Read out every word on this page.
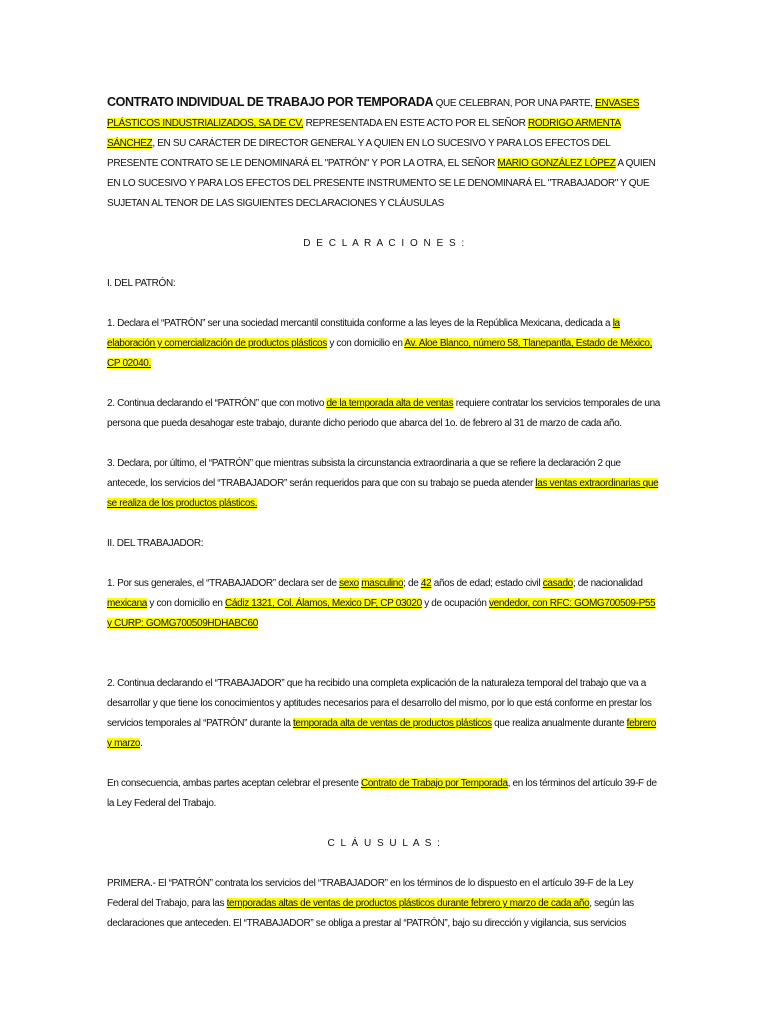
CONTRATO INDIVIDUAL DE TRABAJO POR TEMPORADA QUE CELEBRAN, POR UNA PARTE, ENVASES PLÁSTICOS INDUSTRIALIZADOS, SA DE CV, REPRESENTADA EN ESTE ACTO POR EL SEÑOR RODRIGO ARMENTA SÁNCHEZ, EN SU CARÁCTER DE DIRECTOR GENERAL Y A QUIEN EN LO SUCESIVO Y PARA LOS EFECTOS DEL PRESENTE CONTRATO SE LE DENOMINARÁ EL "PATRÓN" Y POR LA OTRA, EL SEÑOR MARIO GONZÁLEZ LÓPEZ A QUIEN EN LO SUCESIVO Y PARA LOS EFECTOS DEL PRESENTE INSTRUMENTO SE LE DENOMINARÁ EL "TRABAJADOR" Y QUE SUJETAN AL TENOR DE LAS SIGUIENTES DECLARACIONES Y CLÁUSULAS

D E C L A R A C I O N E S :

I. DEL PATRÓN:

1. Declara el “PATRÓN” ser una sociedad mercantil constituida conforme a las leyes de la República Mexicana, dedicada a la elaboración y comercialización de productos plásticos y con domicilio en Av. Aloe Blanco, número 58, Tlanepantla, Estado de México, CP 02040.

2. Continua declarando el “PATRÓN” que con motivo de la temporada alta de ventas requiere contratar los servicios temporales de una persona que pueda desahogar este trabajo, durante dicho periodo que abarca del 1o. de febrero al 31 de marzo de cada año.

3. Declara, por último, el “PATRÓN” que mientras subsista la circunstancia extraordinaria a que se refiere la declaración 2 que antecede, los servicios del “TRABAJADOR” serán requeridos para que con su trabajo se pueda atender las ventas extraordinarias que se realiza de los productos plásticos.

II. DEL TRABAJADOR:

1. Por sus generales, el “TRABAJADOR” declara ser de sexo masculino; de 42 años de edad; estado civil casado; de nacionalidad mexicana y con domicilio en Cádiz 1321, Col. Álamos, Mexico DF, CP 03020 y de ocupación vendedor, con RFC: GOMG700509-P55 y CURP: GOMG700509HDHABC60

2. Continua declarando el “TRABAJADOR” que ha recibido una completa explicación de la naturaleza temporal del trabajo que va a desarrollar y que tiene los conocimientos y aptitudes necesarios para el desarrollo del mismo, por lo que está conforme en prestar los servicios temporales al “PATRÓN” durante la temporada alta de ventas de productos plásticos que realiza anualmente durante febrero y marzo.

En consecuencia, ambas partes aceptan celebrar el presente Contrato de Trabajo por Temporada, en los términos del artículo 39-F de la Ley Federal del Trabajo.

C L Á U S U L A S :

PRIMERA.- El “PATRÓN” contrata los servicios del “TRABAJADOR” en los términos de lo dispuesto en el artículo 39-F de la Ley Federal del Trabajo, para las temporadas altas de ventas de productos plásticos durante febrero y marzo de cada año, según las declaraciones que anteceden. El “TRABAJADOR” se obliga a prestar al “PATRÓN”, bajo su dirección y vigilancia, sus servicios
